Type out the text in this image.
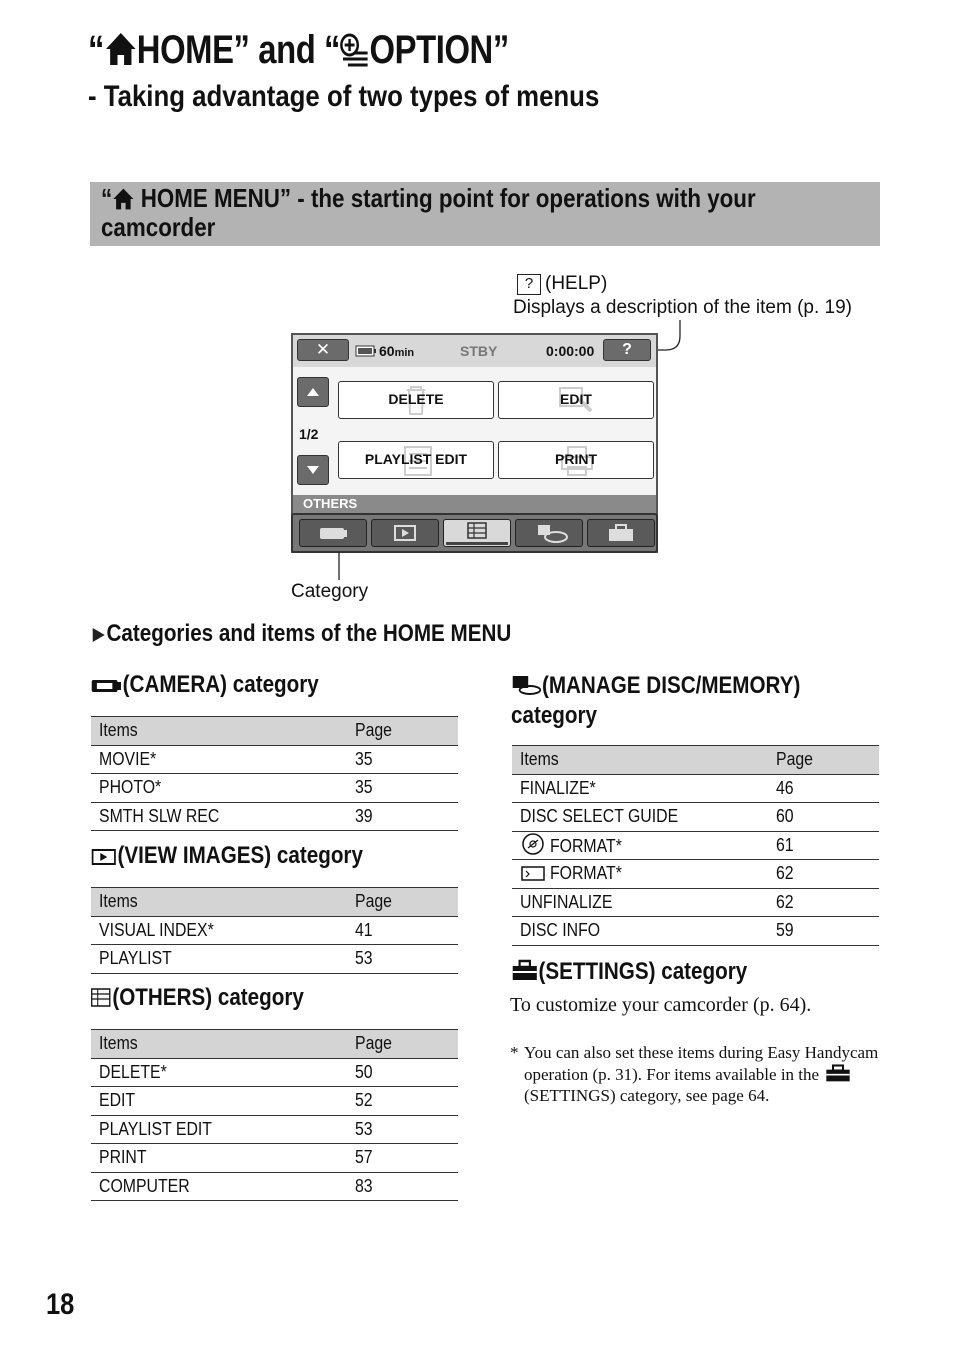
“ HOME” and “ OPTION”
- Taking advantage of two types of menus
“ HOME MENU” - the starting point for operations with your camcorder
? (HELP)
Displays a description of the item (p. 19)
✕	60min	STBY	0:00:00	?
1/2
DELETE	EDIT
PLAYLIST EDIT	PRINT
OTHERS
Category
Categories and items of the HOME MENU
(CAMERA) category
Items	Page
MOVIE*	35
PHOTO*	35
SMTH SLW REC	39
(VIEW IMAGES) category
Items	Page
VISUAL INDEX*	41
PLAYLIST	53
(OTHERS) category
Items	Page
DELETE*	50
EDIT	52
PLAYLIST EDIT	53
PRINT	57
COMPUTER	83
(MANAGE DISC/MEMORY)
category
Items	Page
FINALIZE*	46
DISC SELECT GUIDE	60
FORMAT*	61
FORMAT*	62
UNFINALIZE	62
DISC INFO	59
(SETTINGS) category
To customize your camcorder (p. 64).
* You can also set these items during Easy Handycam operation (p. 31). For items available in the (SETTINGS) category, see page 64.
18
